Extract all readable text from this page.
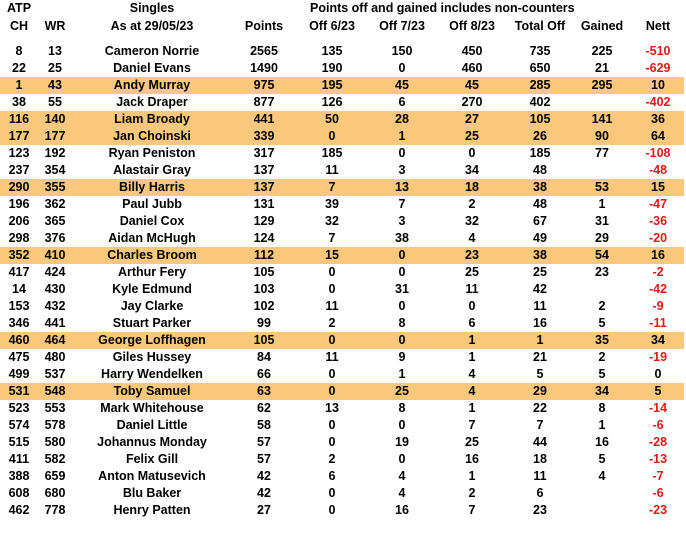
ATP		Singles		Points off and gained includes non-counters					
CH	WR	As at 29/05/23	Points	Off 6/23	Off 7/23	Off 8/23	Total Off	Gained	Nett

8	13	Cameron Norrie	2565	135	150	450	735	225	-510
22	25	Daniel Evans	1490	190	0	460	650	21	-629
1	43	Andy Murray	975	195	45	45	285	295	10
38	55	Jack Draper	877	126	6	270	402		-402
116	140	Liam Broady	441	50	28	27	105	141	36
177	177	Jan Choinski	339	0	1	25	26	90	64
123	192	Ryan Peniston	317	185	0	0	185	77	-108
237	354	Alastair Gray	137	11	3	34	48		-48
290	355	Billy Harris	137	7	13	18	38	53	15
196	362	Paul Jubb	131	39	7	2	48	1	-47
206	365	Daniel Cox	129	32	3	32	67	31	-36
298	376	Aidan McHugh	124	7	38	4	49	29	-20
352	410	Charles Broom	112	15	0	23	38	54	16
417	424	Arthur Fery	105	0	0	25	25	23	-2
14	430	Kyle Edmund	103	0	31	11	42		-42
153	432	Jay Clarke	102	11	0	0	11	2	-9
346	441	Stuart Parker	99	2	8	6	16	5	-11
460	464	George Loffhagen	105	0	0	1	1	35	34
475	480	Giles Hussey	84	11	9	1	21	2	-19
499	537	Harry Wendelken	66	0	1	4	5	5	0
531	548	Toby Samuel	63	0	25	4	29	34	5
523	553	Mark Whitehouse	62	13	8	1	22	8	-14
574	578	Daniel Little	58	0	0	7	7	1	-6
515	580	Johannus Monday	57	0	19	25	44	16	-28
411	582	Felix Gill	57	2	0	16	18	5	-13
388	659	Anton Matusevich	42	6	4	1	11	4	-7
608	680	Blu Baker	42	0	4	2	6		-6
462	778	Henry Patten	27	0	16	7	23		-23
